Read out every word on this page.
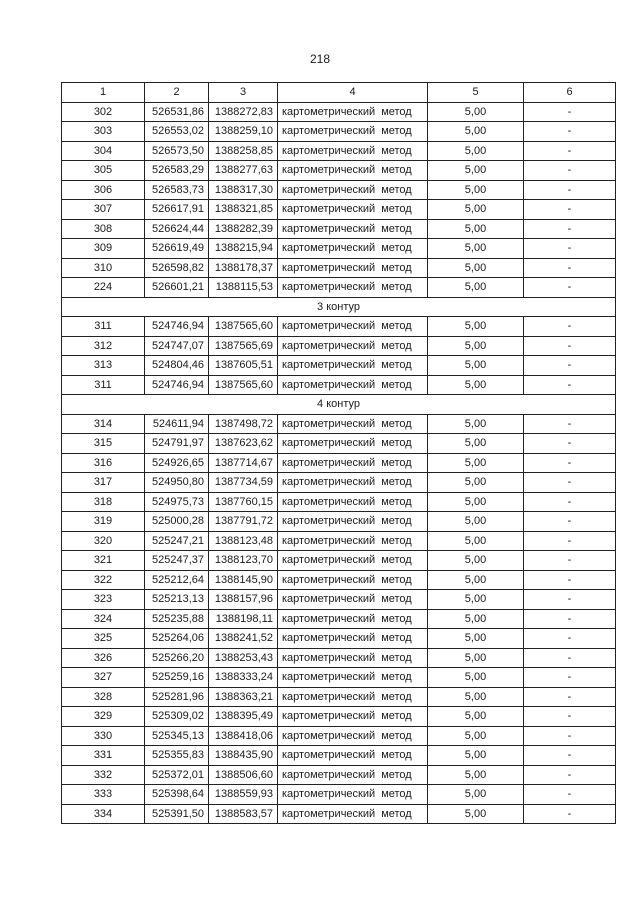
218
1	2	3	4	5	6
302	526531,86	1388272,83	картометрический метод	5,00	-
303	526553,02	1388259,10	картометрический метод	5,00	-
304	526573,50	1388258,85	картометрический метод	5,00	-
305	526583,29	1388277,63	картометрический метод	5,00	-
306	526583,73	1388317,30	картометрический метод	5,00	-
307	526617,91	1388321,85	картометрический метод	5,00	-
308	526624,44	1388282,39	картометрический метод	5,00	-
309	526619,49	1388215,94	картометрический метод	5,00	-
310	526598,82	1388178,37	картометрический метод	5,00	-
224	526601,21	1388115,53	картометрический метод	5,00	-
3 контур					
311	524746,94	1387565,60	картометрический метод	5,00	-
312	524747,07	1387565,69	картометрический метод	5,00	-
313	524804,46	1387605,51	картометрический метод	5,00	-
311	524746,94	1387565,60	картометрический метод	5,00	-
4 контур					
314	524611,94	1387498,72	картометрический метод	5,00	-
315	524791,97	1387623,62	картометрический метод	5,00	-
316	524926,65	1387714,67	картометрический метод	5,00	-
317	524950,80	1387734,59	картометрический метод	5,00	-
318	524975,73	1387760,15	картометрический метод	5,00	-
319	525000,28	1387791,72	картометрический метод	5,00	-
320	525247,21	1388123,48	картометрический метод	5,00	-
321	525247,37	1388123,70	картометрический метод	5,00	-
322	525212,64	1388145,90	картометрический метод	5,00	-
323	525213,13	1388157,96	картометрический метод	5,00	-
324	525235,88	1388198,11	картометрический метод	5,00	-
325	525264,06	1388241,52	картометрический метод	5,00	-
326	525266,20	1388253,43	картометрический метод	5,00	-
327	525259,16	1388333,24	картометрический метод	5,00	-
328	525281,96	1388363,21	картометрический метод	5,00	-
329	525309,02	1388395,49	картометрический метод	5,00	-
330	525345,13	1388418,06	картометрический метод	5,00	-
331	525355,83	1388435,90	картометрический метод	5,00	-
332	525372,01	1388506,60	картометрический метод	5,00	-
333	525398,64	1388559,93	картометрический метод	5,00	-
334	525391,50	1388583,57	картометрический метод	5,00	-
